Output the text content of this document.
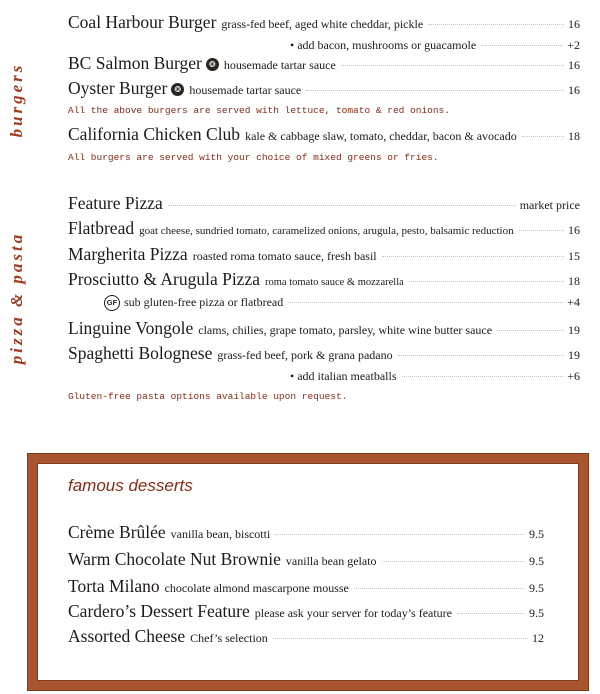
burgers
pizza & pasta
Coal Harbour Burger grass-fed beef, aged white cheddar, pickle	16
• add bacon, mushrooms or guacamole	+2
BC Salmon Burger ❂ housemade tartar sauce	16
Oyster Burger ❂ housemade tartar sauce	16
All the above burgers are served with lettuce, tomato & red onions.
California Chicken Club kale & cabbage slaw, tomato, cheddar, bacon & avocado	18
All burgers are served with your choice of mixed greens or fries.
Feature Pizza	market price
Flatbread goat cheese, sundried tomato, caramelized onions, arugula, pesto, balsamic reduction	16
Margherita Pizza roasted roma tomato sauce, fresh basil	15
Prosciutto & Arugula Pizza roma tomato sauce & mozzarella	18
GF sub gluten-free pizza or flatbread	+4
Linguine Vongole clams, chilies, grape tomato, parsley, white wine butter sauce	19
Spaghetti Bolognese grass-fed beef, pork & grana padano	19
• add italian meatballs	+6
Gluten-free pasta options available upon request.
famous desserts
Crème Brûlée vanilla bean, biscotti	9.5
Warm Chocolate Nut Brownie vanilla bean gelato	9.5
Torta Milano chocolate almond mascarpone mousse	9.5
Cardero’s Dessert Feature please ask your server for today’s feature	9.5
Assorted Cheese Chef’s selection	12
